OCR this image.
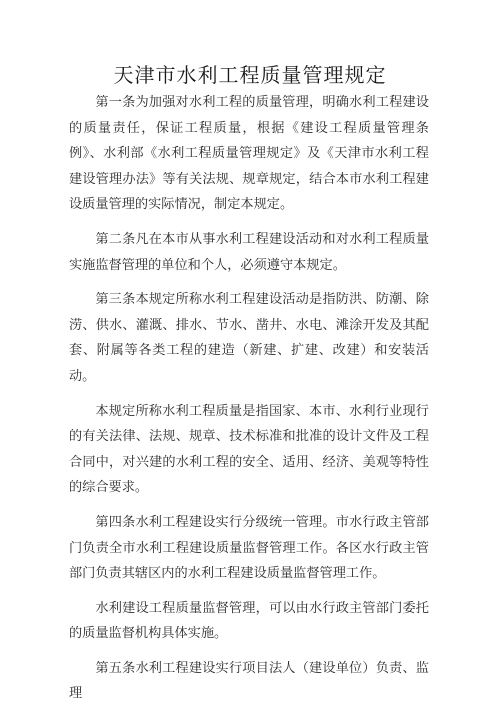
天津市水利工程质量管理规定

第一条为加强对水利工程的质量管理，明确水利工程建设的质量责任，保证工程质量，根据《建设工程质量管理条例》、水利部《水利工程质量管理规定》及《天津市水利工程建设管理办法》等有关法规、规章规定，结合本市水利工程建设质量管理的实际情况，制定本规定。

第二条凡在本市从事水利工程建设活动和对水利工程质量实施监督管理的单位和个人，必须遵守本规定。

第三条本规定所称水利工程建设活动是指防洪、防潮、除涝、供水、灌溉、排水、节水、凿井、水电、滩涂开发及其配套、附属等各类工程的建造（新建、扩建、改建）和安装活动。

本规定所称水利工程质量是指国家、本市、水利行业现行的有关法律、法规、规章、技术标准和批准的设计文件及工程合同中，对兴建的水利工程的安全、适用、经济、美观等特性的综合要求。

第四条水利工程建设实行分级统一管理。市水行政主管部门负责全市水利工程建设质量监督管理工作。各区水行政主管部门负责其辖区内的水利工程建设质量监督管理工作。

水利建设工程质量监督管理，可以由水行政主管部门委托的质量监督机构具体实施。

第五条水利工程建设实行项目法人（建设单位）负责、监理
